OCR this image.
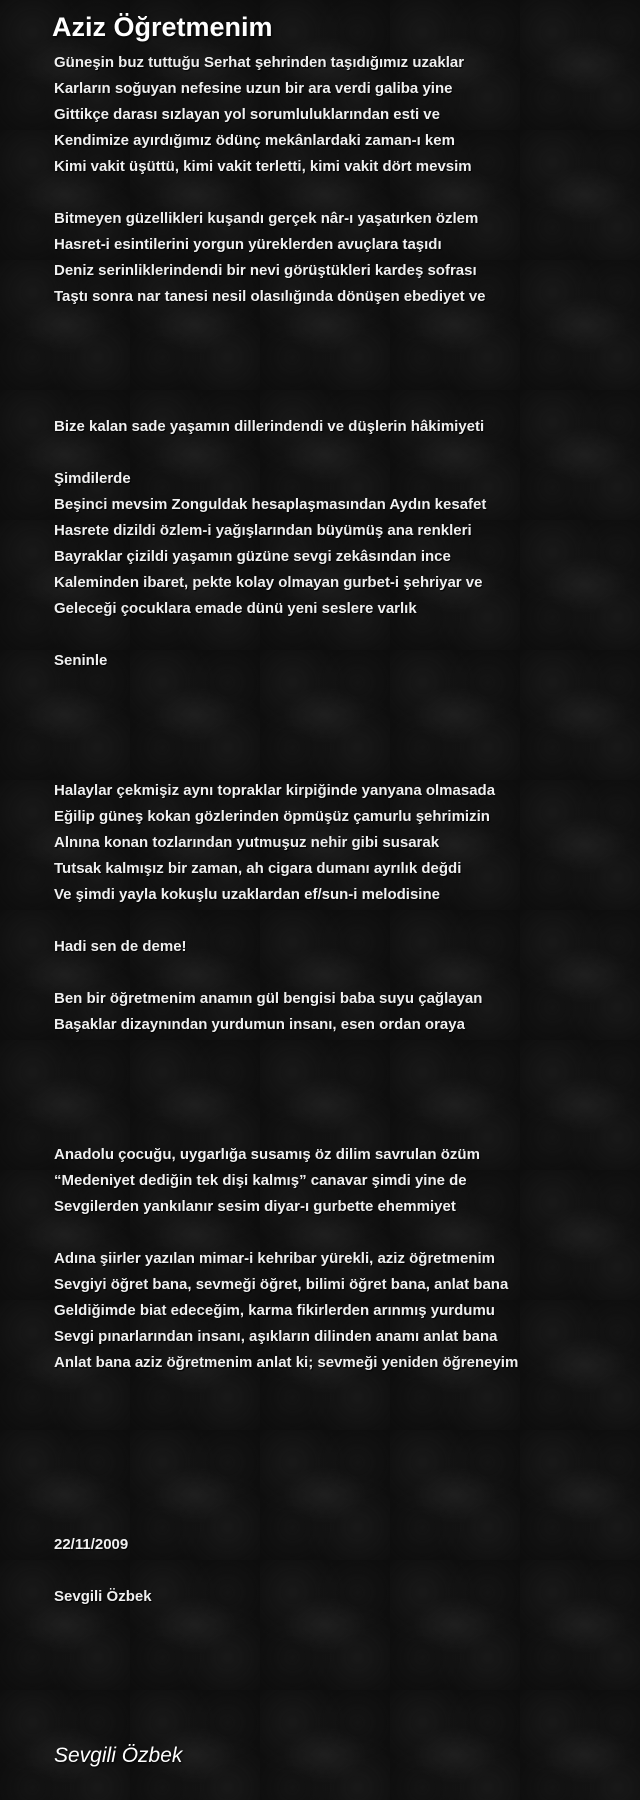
Aziz Öğretmenim
Güneşin buz tuttuğu Serhat şehrinden taşıdığımız uzaklar
Karların soğuyan nefesine uzun bir ara verdi galiba yine
Gittikçe darası sızlayan yol sorumluluklarından esti ve
Kendimize ayırdığımız ödünç mekânlardaki zaman-ı kem
Kimi vakit üşüttü, kimi vakit terletti, kimi vakit dört mevsim
Bitmeyen güzellikleri kuşandı gerçek nâr-ı yaşatırken özlem
Hasret-i esintilerini yorgun yüreklerden avuçlara taşıdı
Deniz serinliklerindendi bir nevi görüştükleri kardeş sofrası
Taştı sonra nar tanesi nesil olasılığında dönüşen ebediyet ve
Bize kalan sade yaşamın dillerindendi ve düşlerin hâkimiyeti
Şimdilerde
Beşinci mevsim Zonguldak hesaplaşmasından Aydın kesafet
Hasrete dizildi özlem-i yağışlarından büyümüş ana renkleri
Bayraklar çizildi yaşamın güzüne sevgi zekâsından ince
Kaleminden ibaret, pekte kolay olmayan gurbet-i şehriyar ve
Geleceği çocuklara emade dünü yeni seslere varlık
Seninle
Halaylar çekmişiz aynı topraklar kirpiğinde yanyana olmasada
Eğilip güneş kokan gözlerinden öpmüşüz çamurlu şehrimizin
Alnına konan tozlarından yutmuşuz nehir gibi susarak
Tutsak kalmışız bir zaman, ah cigara dumanı ayrılık değdi
Ve şimdi yayla kokuşlu uzaklardan ef/sun-i melodisine
Hadi sen de deme!
Ben bir öğretmenim anamın gül bengisi baba suyu çağlayan
Başaklar dizaynından yurdumun insanı, esen ordan oraya
Anadolu çocuğu, uygarlığa susamış öz dilim savrulan özüm
“Medeniyet dediğin tek dişi kalmış” canavar şimdi yine de
Sevgilerden yankılanır sesim diyar-ı gurbette ehemmiyet
Adına şiirler yazılan mimar-i kehribar yürekli, aziz öğretmenim
Sevgiyi öğret bana, sevmeği öğret, bilimi öğret bana, anlat bana
Geldiğimde biat edeceğim, karma fikirlerden arınmış yurdumu
Sevgi pınarlarından insanı, aşıkların dilinden anamı anlat bana
Anlat bana aziz öğretmenim anlat ki; sevmeği yeniden öğreneyim
22/11/2009
Sevgili Özbek
Sevgili Özbek
